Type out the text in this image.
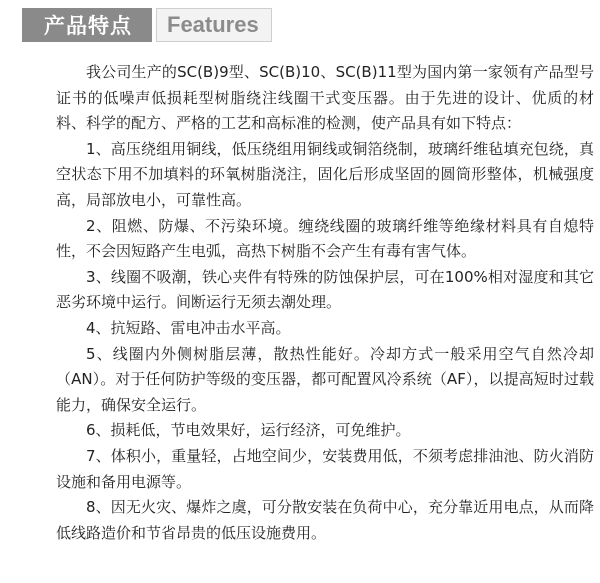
产品特点	Features

我公司生产的SC(B)9型、SC(B)10、SC(B)11型为国内第一家领有产品型号证书的低噪声低损耗型树脂绕注线圈干式变压器。由于先进的设计、优质的材料、科学的配方、严格的工艺和高标准的检测，使产品具有如下特点：

1、高压绕组用铜线，低压绕组用铜线或铜箔绕制，玻璃纤维毡填充包绕，真空状态下用不加填料的环氧树脂浇注，固化后形成坚固的圆筒形整体，机械强度高，局部放电小，可靠性高。

2、阻燃、防爆、不污染环境。缠绕线圈的玻璃纤维等绝缘材料具有自熄特性，不会因短路产生电弧，高热下树脂不会产生有毒有害气体。

3、线圈不吸潮，铁心夹件有特殊的防蚀保护层，可在100%相对湿度和其它恶劣环境中运行。间断运行无须去潮处理。

4、抗短路、雷电冲击水平高。

5、线圈内外侧树脂层薄，散热性能好。冷却方式一般采用空气自然冷却（AN）。对于任何防护等级的变压器，都可配置风冷系统（AF），以提高短时过载能力，确保安全运行。

6、损耗低，节电效果好，运行经济，可免维护。

7、体积小，重量轻，占地空间少，安装费用低，不须考虑排油池、防火消防设施和备用电源等。

8、因无火灾、爆炸之虞，可分散安装在负荷中心，充分靠近用电点，从而降低线路造价和节省昂贵的低压设施费用。
